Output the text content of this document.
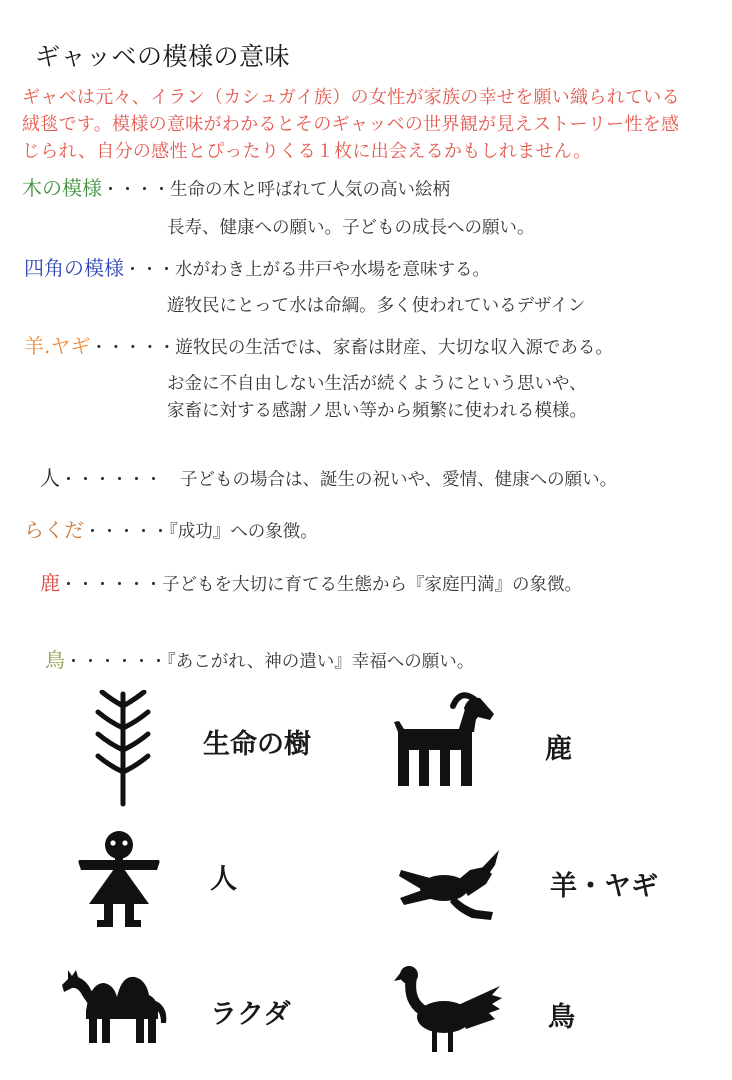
ギャッベの模様の意味
ギャベは元々、イラン（カシュガイ族）の女性が家族の幸せを願い織られている
絨毯です。模様の意味がわかるとそのギャッベの世界観が見えストーリー性を感
じられ、自分の感性とぴったりくる１枚に出会えるかもしれません。
木の模様・・・・生命の木と呼ばれて人気の高い絵柄
長寿、健康への願い。子どもの成長への願い。
四角の模様・・・水がわき上がる井戸や水場を意味する。
遊牧民にとって水は命綱。多く使われているデザイン
羊.ヤギ・・・・・遊牧民の生活では、家畜は財産、大切な収入源である。
お金に不自由しない生活が続くようにという思いや、
家畜に対する感謝ノ思い等から頻繁に使われる模様。
人・・・・・・ 子どもの場合は、誕生の祝いや、愛情、健康への願い。
らくだ・・・・・『成功』への象徴。
鹿・・・・・・子どもを大切に育てる生態から『家庭円満』の象徴。
鳥・・・・・・『あこがれ、神の遣い』幸福への願い。
生命の樹	鹿
人	羊・ヤギ
ラクダ	鳥
